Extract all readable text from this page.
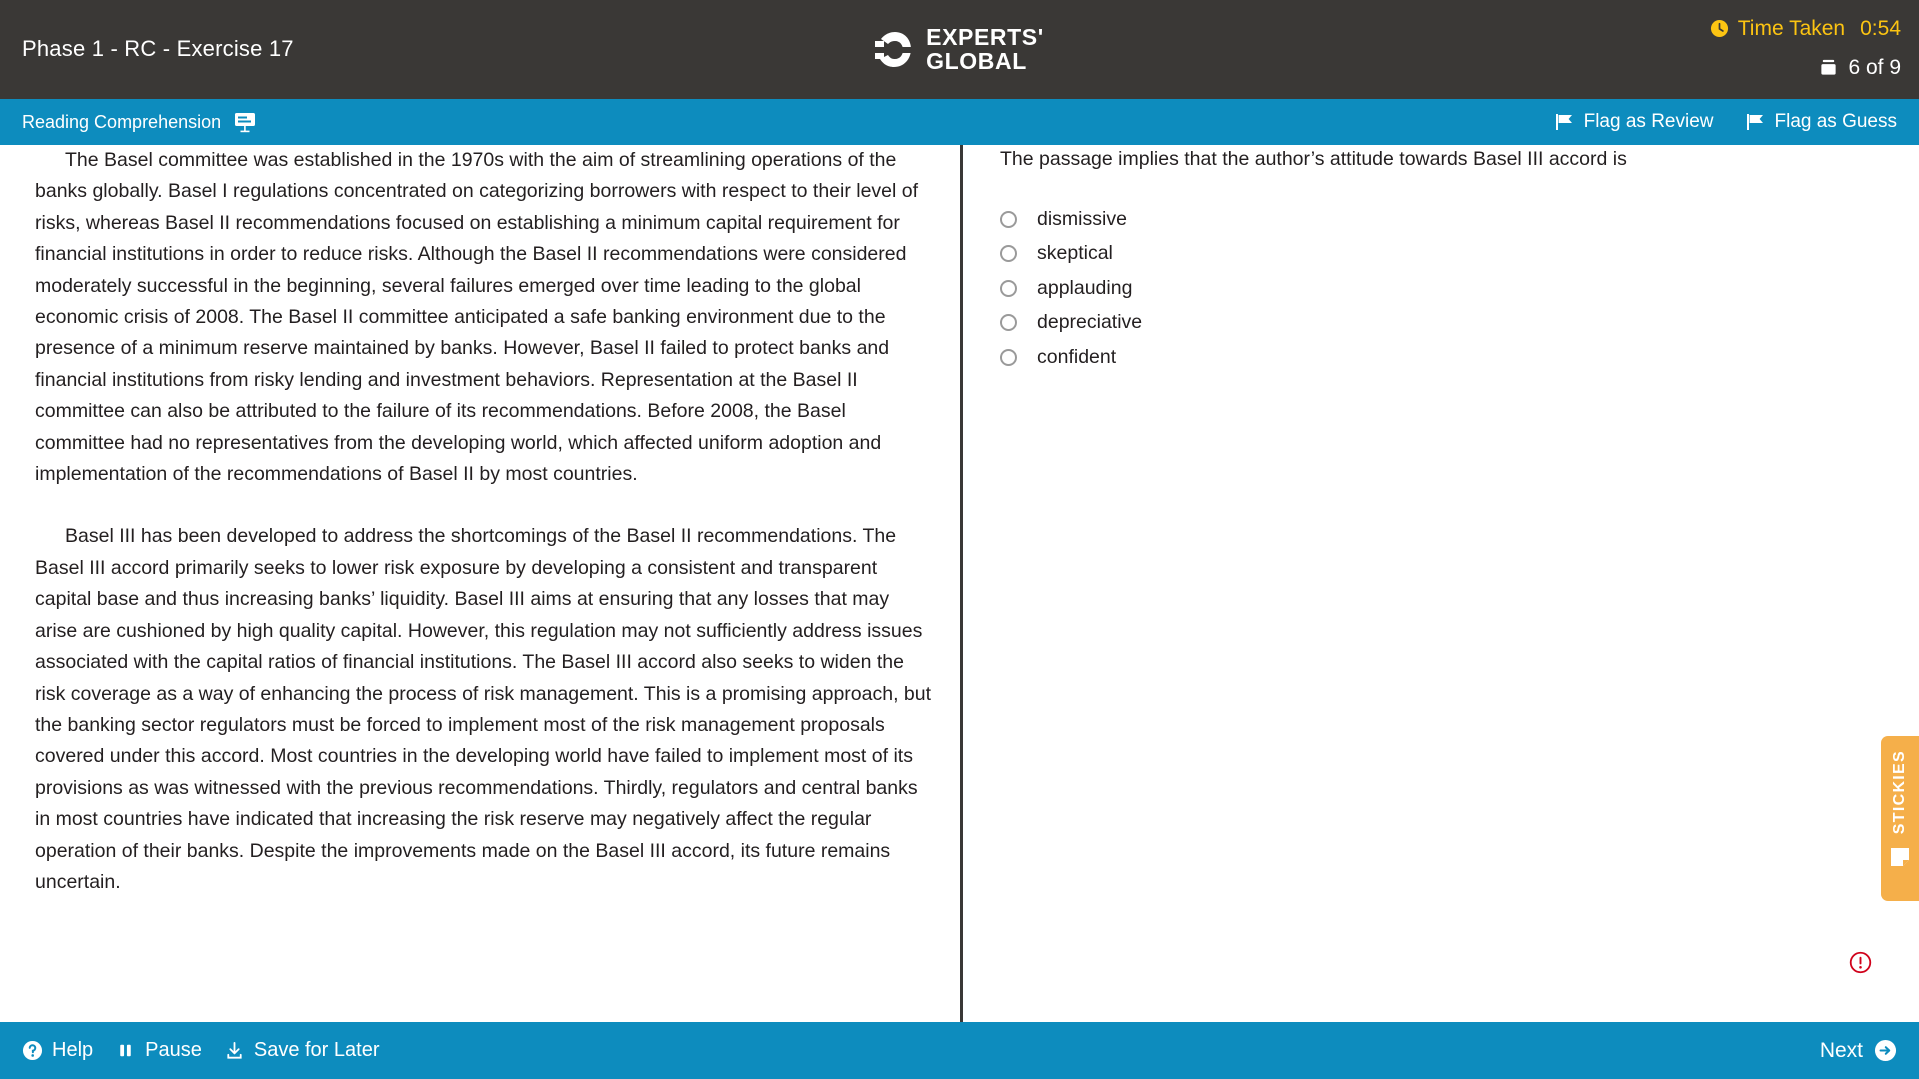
Phase 1 - RC - Exercise 17	EXPERTS'
GLOBAL
Time Taken 0:54
6 of 9
Reading Comprehension	Flag as Review	Flag as Guess

The Basel committee was established in the 1970s with the aim of streamlining operations of the banks globally. Basel I regulations concentrated on categorizing borrowers with respect to their level of risks, whereas Basel II recommendations focused on establishing a minimum capital requirement for financial institutions in order to reduce risks. Although the Basel II recommendations were considered moderately successful in the beginning, several failures emerged over time leading to the global economic crisis of 2008. The Basel II committee anticipated a safe banking environment due to the presence of a minimum reserve maintained by banks. However, Basel II failed to protect banks and financial institutions from risky lending and investment behaviors. Representation at the Basel II committee can also be attributed to the failure of its recommendations. Before 2008, the Basel committee had no representatives from the developing world, which affected uniform adoption and implementation of the recommendations of Basel II by most countries.

Basel III has been developed to address the shortcomings of the Basel II recommendations. The Basel III accord primarily seeks to lower risk exposure by developing a consistent and transparent capital base and thus increasing banks’ liquidity. Basel III aims at ensuring that any losses that may arise are cushioned by high quality capital. However, this regulation may not sufficiently address issues associated with the capital ratios of financial institutions. The Basel III accord also seeks to widen the risk coverage as a way of enhancing the process of risk management. This is a promising approach, but the banking sector regulators must be forced to implement most of the risk management proposals covered under this accord. Most countries in the developing world have failed to implement most of its provisions as was witnessed with the previous recommendations. Thirdly, regulators and central banks in most countries have indicated that increasing the risk reserve may negatively affect the regular operation of their banks. Despite the improvements made on the Basel III accord, its future remains uncertain.

The passage implies that the author’s attitude towards Basel III accord is
dismissive
skeptical
applauding
depreciative
confident
STICKIES
Help	Pause	Save for Later	Next
